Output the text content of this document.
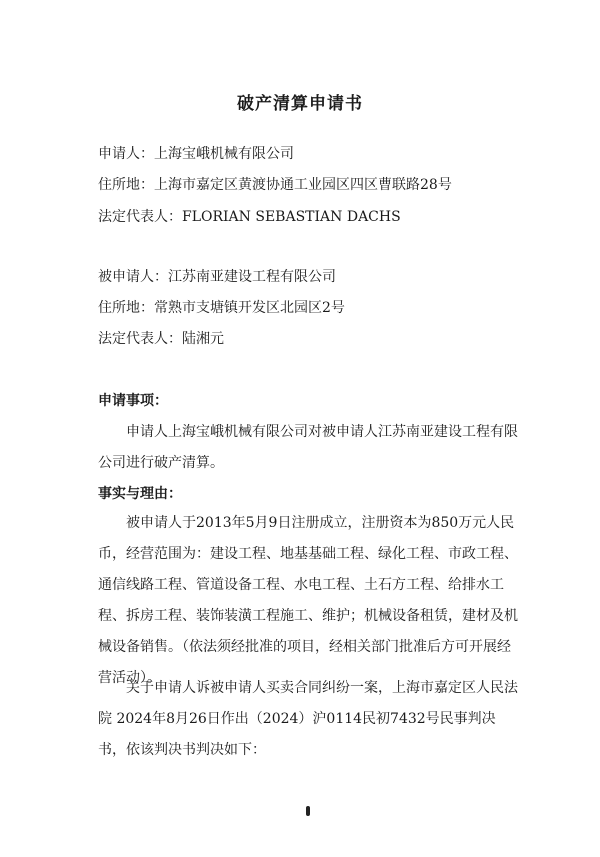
破产清算申请书
申请人：上海宝峨机械有限公司
住所地：上海市嘉定区黄渡协通工业园区四区曹联路28号
法定代表人：FLORIAN SEBASTIAN DACHS
被申请人：江苏南亚建设工程有限公司
住所地：常熟市支塘镇开发区北园区2号
法定代表人：陆湘元
申请事项：

申请人上海宝峨机械有限公司对被申请人江苏南亚建设工程有限公司进行破产清算。

事实与理由：

被申请人于2013年5月9日注册成立，注册资本为850万元人民币，经营范围为：建设工程、地基基础工程、绿化工程、市政工程、通信线路工程、管道设备工程、水电工程、土石方工程、给排水工程、拆房工程、装饰装潢工程施工、维护；机械设备租赁，建材及机械设备销售。（依法须经批准的项目，经相关部门批准后方可开展经营活动）。

关于申请人诉被申请人买卖合同纠纷一案，上海市嘉定区人民法院 2024年8月26日作出（2024）沪0114民初7432号民事判决书，依该判决书判决如下：
